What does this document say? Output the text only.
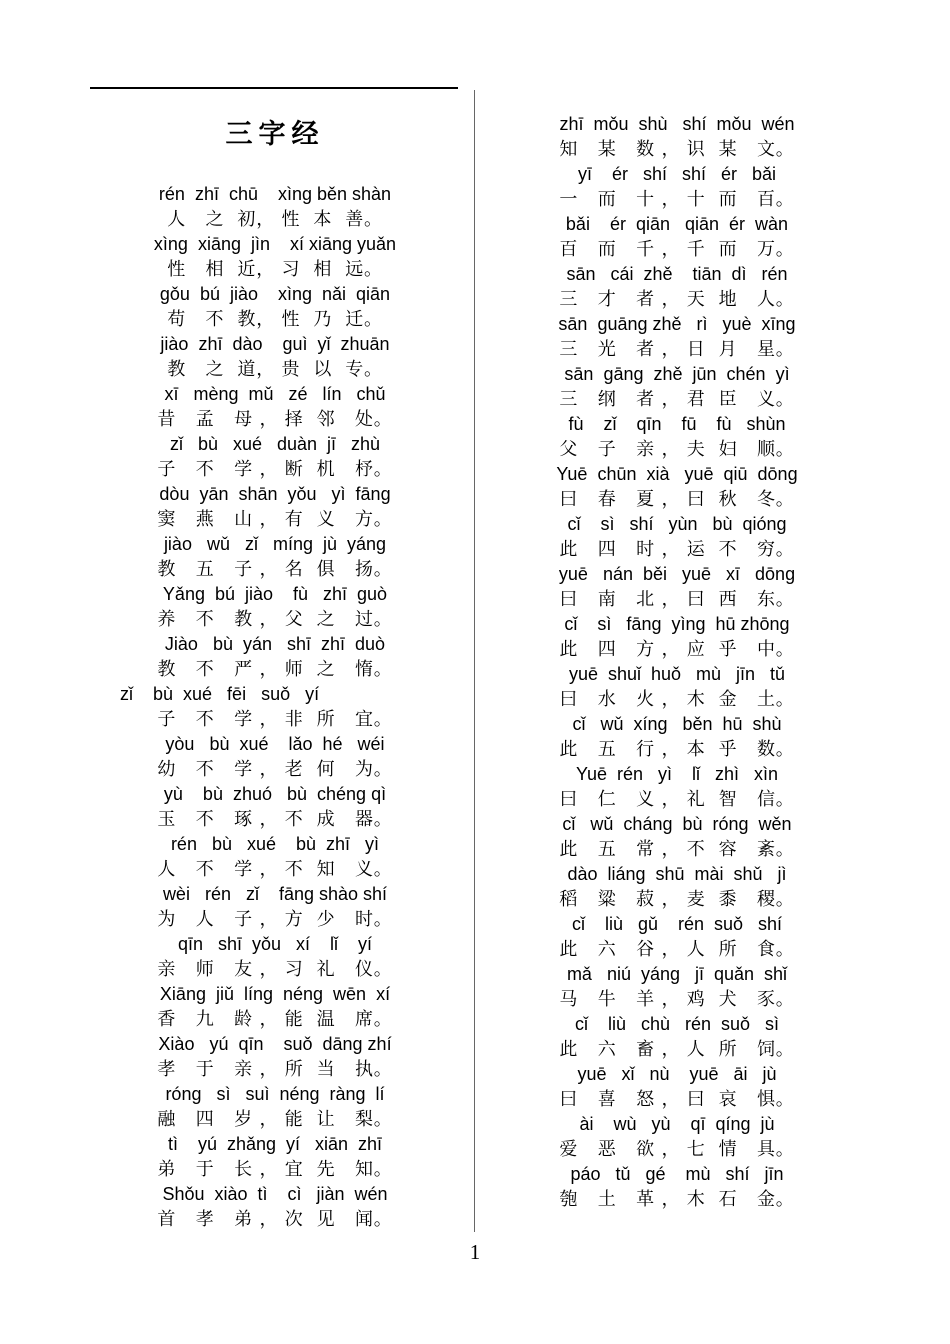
三字经
rén  zhī  chū    xìng běn shàn
人   之  初， 性  本  善。
xìng  xiāng  jìn    xí xiāng yuǎn
性   相  近， 习  相  远。
gǒu  bú  jiào    xìng  nǎi  qiān
苟   不  教， 性  乃  迁。
jiào  zhī  dào    guì  yǐ  zhuān
教   之  道， 贵  以  专。
xī   mèng  mǔ   zé   lín   chǔ
昔   孟   母 ， 择  邻   处。
zǐ   bù   xué   duàn  jī   zhù
子   不   学 ， 断  机   杼。
dòu  yān  shān  yǒu   yì  fāng
窦   燕   山 ， 有  义   方。
jiào   wǔ   zǐ   míng  jù  yáng
教   五   子 ， 名  俱   扬。
Yǎng  bú  jiào    fù   zhī  guò
养   不   教 ， 父  之   过。
Jiào   bù  yán   shī  zhī  duò
教   不   严 ， 师  之   惰。
zǐ    bù  xué   fēi   suǒ   yí
子   不   学 ， 非  所   宜。
yòu   bù  xué    lǎo  hé   wéi
幼   不   学 ， 老  何   为。
yù    bù  zhuó   bù  chéng qì
玉   不   琢 ， 不  成   器。
rén   bù   xué    bù  zhī   yì
人   不   学 ， 不  知   义。
wèi   rén   zǐ    fāng shào shí
为   人   子 ， 方  少   时。
qīn   shī  yǒu   xí    lǐ    yí
亲   师   友 ， 习  礼   仪。
Xiāng  jiǔ  líng  néng  wēn  xí
香   九   龄 ， 能  温   席。
Xiào   yú  qīn    suǒ  dāng zhí
孝   于   亲 ， 所  当   执。
róng   sì   suì  néng  ràng  lí
融   四   岁 ， 能  让   梨。
tì    yú  zhǎng  yí   xiān  zhī
弟   于   长 ， 宜  先   知。
Shǒu  xiào  tì    cì   jiàn  wén
首   孝   弟 ， 次  见   闻。
zhī  mǒu  shù   shí  mǒu  wén
知   某   数 ， 识  某   文。
yī    ér   shí   shí   ér   bǎi
一   而   十 ， 十  而   百。
bǎi    ér  qiān   qiān  ér  wàn
百   而   千 ， 千  而   万。
sān   cái  zhě    tiān  dì   rén
三   才   者 ， 天  地   人。
sān  guāng zhě   rì   yuè  xīng
三   光   者 ， 日  月   星。
sān  gāng  zhě  jūn  chén  yì
三   纲   者 ， 君  臣   义。
fù    zǐ    qīn    fū    fù   shùn
父   子   亲 ， 夫  妇   顺。
Yuē  chūn  xià   yuē  qiū  dōng
曰   春   夏 ， 曰  秋   冬。
cǐ    sì   shí   yùn   bù  qióng
此   四   时 ， 运  不   穷。
yuē   nán  běi   yuē   xī   dōng
曰   南   北 ， 曰  西   东。
cǐ    sì   fāng  yìng  hū zhōng
此   四   方 ， 应  乎   中。
yuē  shuǐ  huǒ   mù   jīn   tǔ
曰   水   火 ， 木  金   土。
cǐ   wǔ  xíng   běn  hū  shù
此   五   行 ， 本  乎   数。
Yuē  rén   yì    lǐ   zhì   xìn
曰   仁   义 ， 礼  智   信。
cǐ   wǔ  cháng  bù  róng  wěn
此   五   常 ， 不  容   紊。
dào  liáng  shū  mài  shǔ   jì
稻   粱   菽 ， 麦  黍   稷。
cǐ    liù   gǔ    rén  suǒ   shí
此   六   谷 ， 人  所   食。
mǎ   niú  yáng   jī  quǎn  shǐ
马   牛   羊 ， 鸡  犬   豕。
cǐ    liù   chù   rén  suǒ   sì
此   六   畜 ， 人  所   饲。
yuē   xǐ   nù    yuē   āi   jù
曰   喜   怒 ， 曰  哀   惧。
ài    wù   yù    qī  qíng  jù
爱   恶   欲 ， 七  情   具。
páo   tǔ   gé    mù   shí   jīn
匏   土   革 ， 木  石   金。
1
